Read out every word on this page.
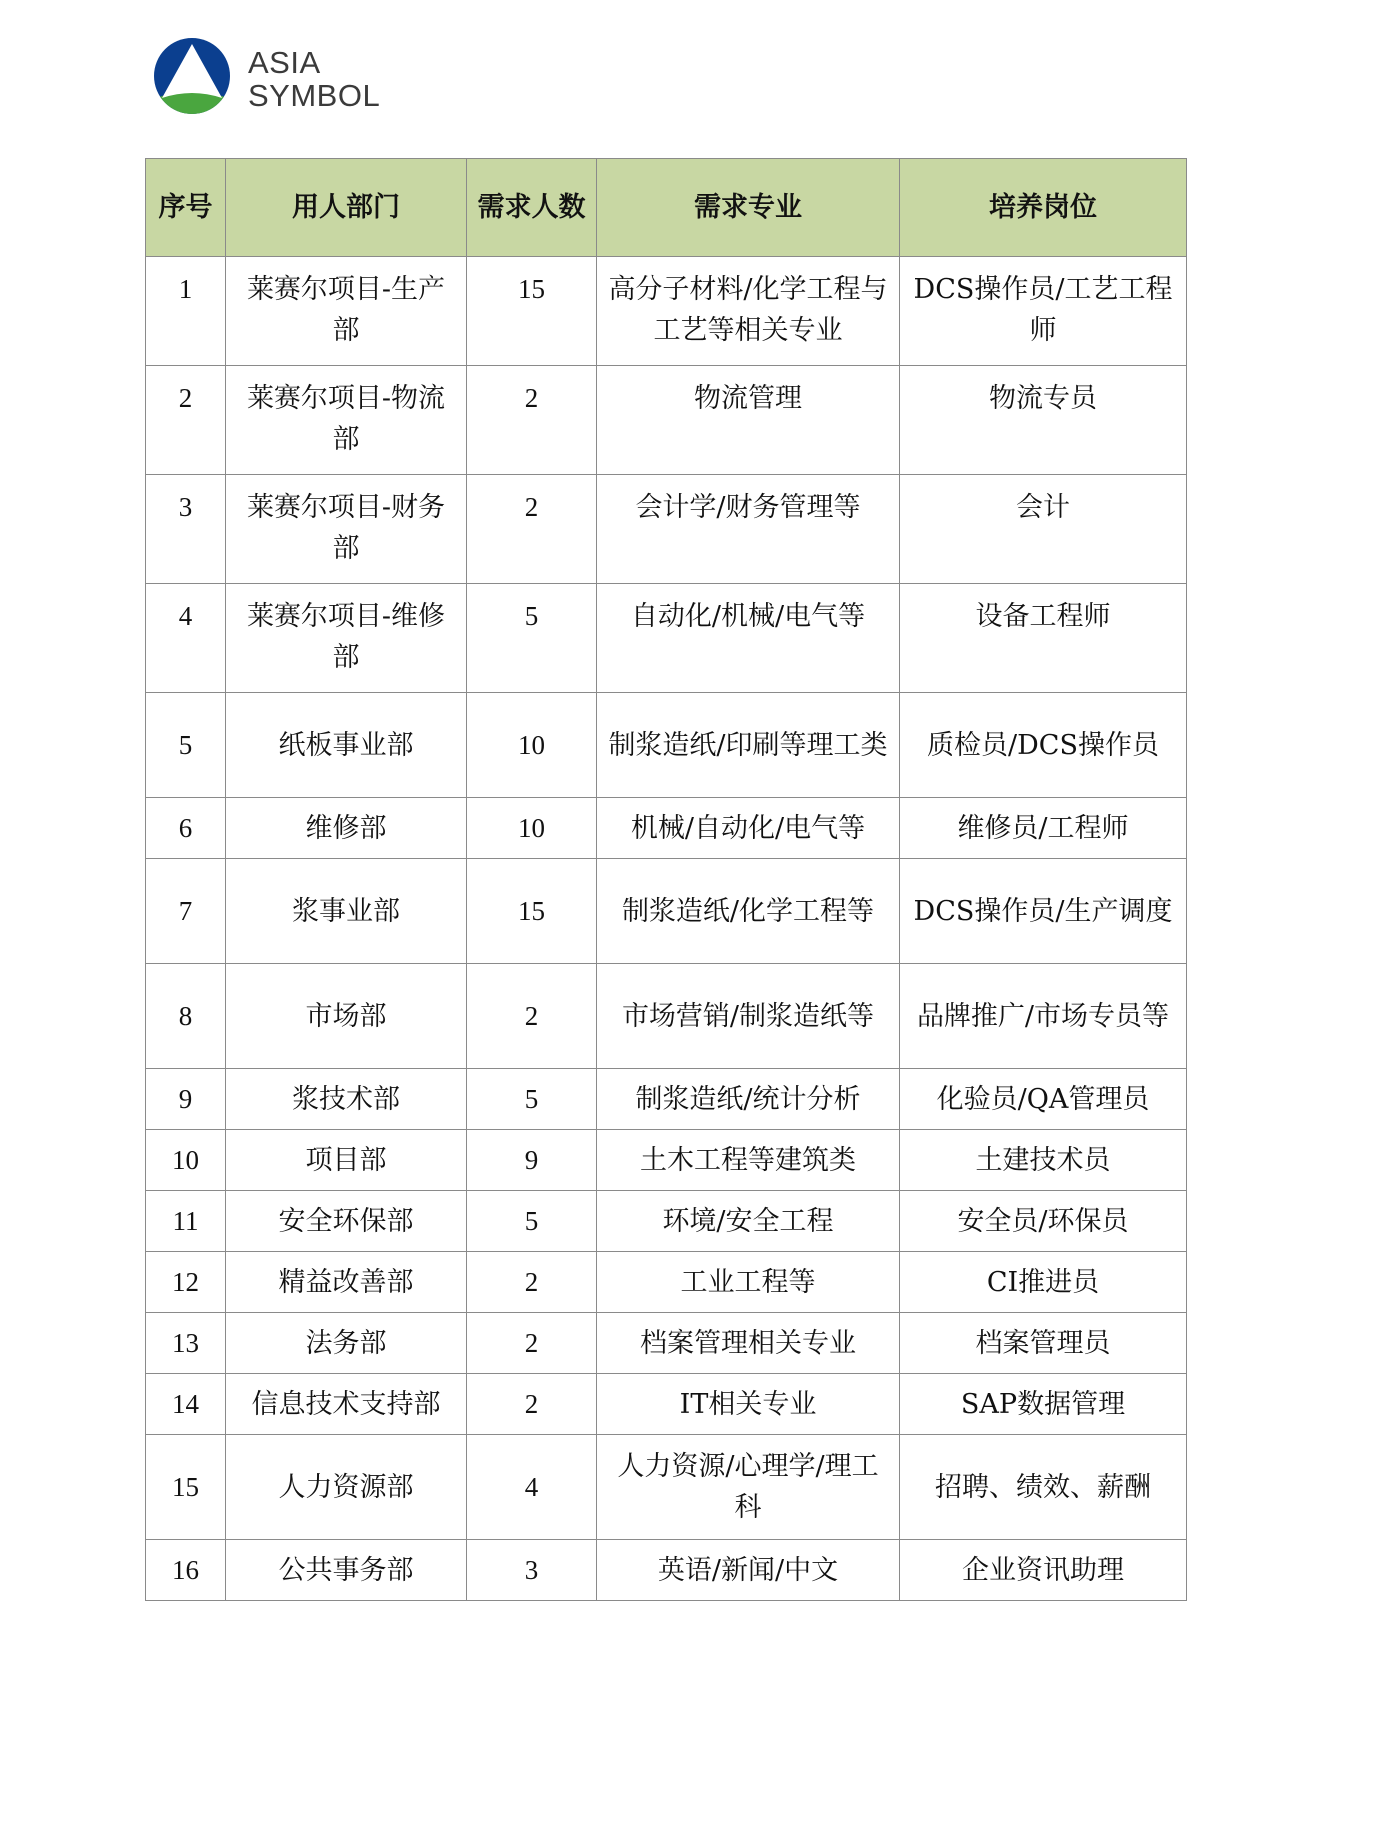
ASIA
SYMBOL
序号	用人部门	需求人数	需求专业	培养岗位
1	莱赛尔项目-生产部	15	高分子材料/化学工程与工艺等相关专业	DCS操作员/工艺工程师
2	莱赛尔项目-物流部	2	物流管理	物流专员
3	莱赛尔项目-财务部	2	会计学/财务管理等	会计
4	莱赛尔项目-维修部	5	自动化/机械/电气等	设备工程师
5	纸板事业部	10	制浆造纸/印刷等理工类	质检员/DCS操作员
6	维修部	10	机械/自动化/电气等	维修员/工程师
7	浆事业部	15	制浆造纸/化学工程等	DCS操作员/生产调度
8	市场部	2	市场营销/制浆造纸等	品牌推广/市场专员等
9	浆技术部	5	制浆造纸/统计分析	化验员/QA管理员
10	项目部	9	土木工程等建筑类	土建技术员
11	安全环保部	5	环境/安全工程	安全员/环保员
12	精益改善部	2	工业工程等	CI推进员
13	法务部	2	档案管理相关专业	档案管理员
14	信息技术支持部	2	IT相关专业	SAP数据管理
15	人力资源部	4	人力资源/心理学/理工科	招聘、绩效、薪酬
16	公共事务部	3	英语/新闻/中文	企业资讯助理
